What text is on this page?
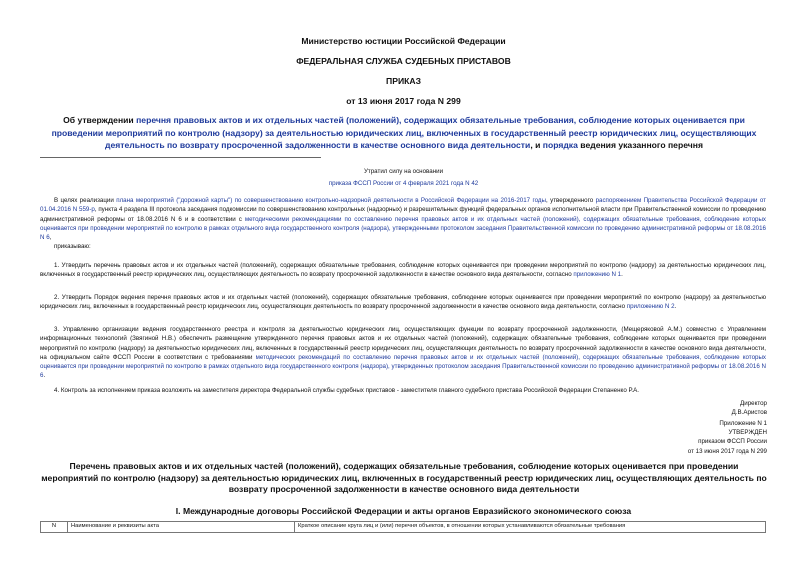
Министерство юстиции Российской Федерации
ФЕДЕРАЛЬНАЯ СЛУЖБА СУДЕБНЫХ ПРИСТАВОВ
ПРИКАЗ
от 13 июня 2017 года N 299
Об утверждении перечня правовых актов и их отдельных частей (положений), содержащих обязательные требования, соблюдение которых оценивается при проведении мероприятий по контролю (надзору) за деятельностью юридических лиц, включенных в государственный реестр юридических лиц, осуществляющих деятельность по возврату просроченной задолженности в качестве основного вида деятельности, и порядка ведения указанного перечня
Утратил силу на основании
приказа ФССП России от 4 февраля 2021 года N 42

В целях реализации плана мероприятий ("дорожной карты") по совершенствованию контрольно-надзорной деятельности в Российской Федерации на 2016-2017 годы, утвержденного распоряжением Правительства Российской Федерации от 01.04.2016 N 559-р, пункта 4 раздела III протокола заседания подкомиссии по совершенствованию контрольных (надзорных) и разрешительных функций федеральных органов исполнительной власти при Правительственной комиссии по проведению административной реформы от 18.08.2016 N 6 и в соответствии с методическими рекомендациями по составлению перечня правовых актов и их отдельных частей (положений), содержащих обязательные требования, соблюдение которых оценивается при проведении мероприятий по контролю в рамках отдельного вида государственного контроля (надзора), утвержденными протоколом заседания Правительственной комиссии по проведению административной реформы от 18.08.2016 N 6,

приказываю:

1. Утвердить перечень правовых актов и их отдельных частей (положений), содержащих обязательные требования, соблюдение которых оценивается при проведении мероприятий по контролю (надзору) за деятельностью юридических лиц, включенных в государственный реестр юридических лиц, осуществляющих деятельность по возврату просроченной задолженности в качестве основного вида деятельности, согласно приложению N 1.

2. Утвердить Порядок ведения перечня правовых актов и их отдельных частей (положений), содержащих обязательные требования, соблюдение которых оценивается при проведении мероприятий по контролю (надзору) за деятельностью юридических лиц, включенных в государственный реестр юридических лиц, осуществляющих деятельность по возврату просроченной задолженности в качестве основного вида деятельности, согласно приложению N 2.

3. Управлению организации ведения государственного реестра и контроля за деятельностью юридических лиц, осуществляющих функции по возврату просроченной задолженности, (Мещеряковой А.М.) совместно с Управлением информационных технологий (Звягиной Н.В.) обеспечить размещение утвержденного перечня правовых актов и их отдельных частей (положений), содержащих обязательные требования, соблюдение которых оценивается при проведении мероприятий по контролю (надзору) за деятельностью юридических лиц, включенных в государственный реестр юридических лиц, осуществляющих деятельность по возврату просроченной задолженности в качестве основного вида деятельности, на официальном сайте ФССП России в соответствии с требованиями методических рекомендаций по составлению перечня правовых актов и их отдельных частей (положений), содержащих обязательные требования, соблюдение которых оценивается при проведении мероприятий по контролю в рамках отдельного вида государственного контроля (надзора), утвержденных протоколом заседания Правительственной комиссии по проведению административной реформы от 18.08.2016 N 6.

4. Контроль за исполнением приказа возложить на заместителя директора Федеральной службы судебных приставов - заместителя главного судебного пристава Российской Федерации Степаненко Р.А.

Директор
Д.В.Аристов
Приложение N 1
УТВЕРЖДЕН
приказом ФССП России
от 13 июня 2017 года N 299
Перечень правовых актов и их отдельных частей (положений), содержащих обязательные требования, соблюдение которых оценивается при проведении мероприятий по контролю (надзору) за деятельностью юридических лиц, включенных в государственный реестр юридических лиц, осуществляющих деятельность по возврату просроченной задолженности в качестве основного вида деятельности
I. Международные договоры Российской Федерации и акты органов Евразийского экономического союза
N	Наименование и реквизиты акта	Краткое описание круга лиц и (или) перечня объектов, в отношении которых устанавливаются обязательные требования
